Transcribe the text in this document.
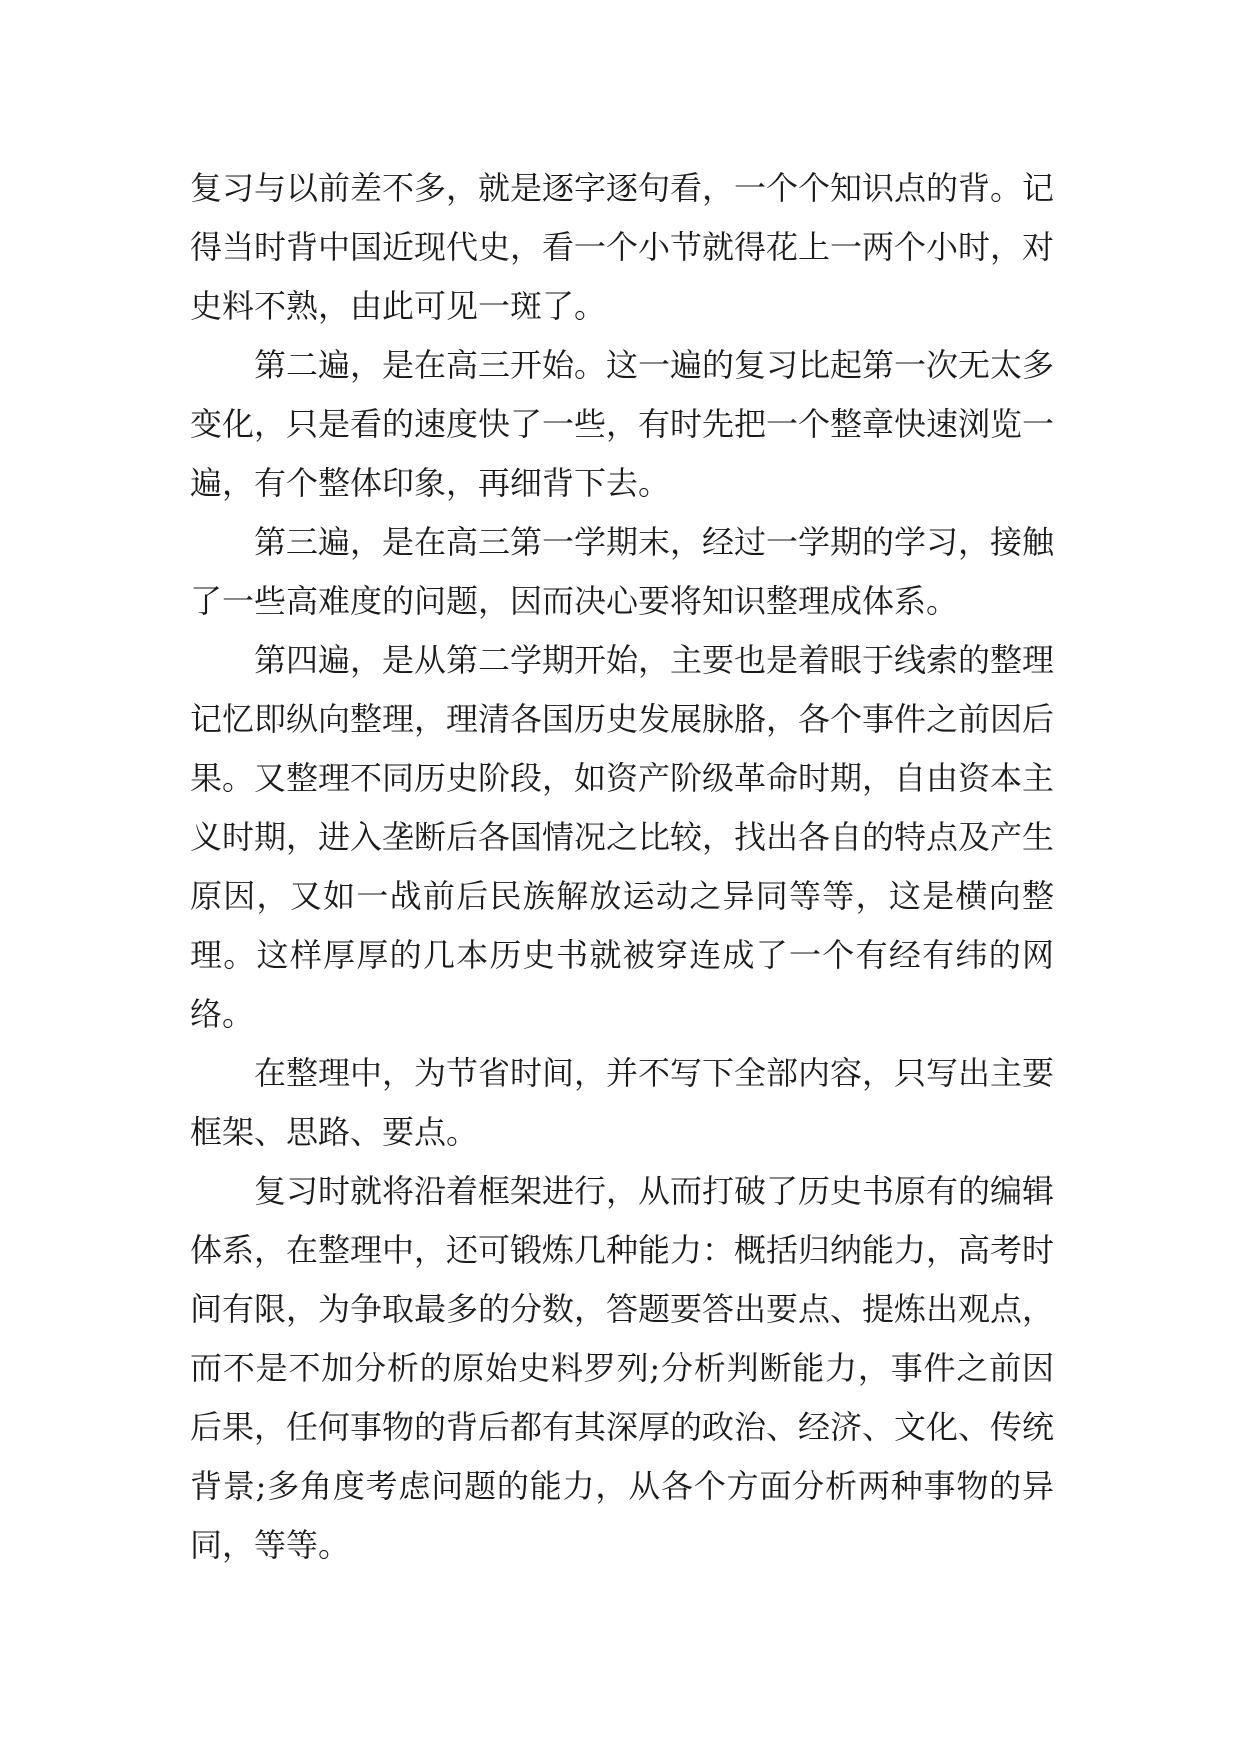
复习与以前差不多，就是逐字逐句看，一个个知识点的背。记得当时背中国近现代史，看一个小节就得花上一两个小时，对史料不熟，由此可见一斑了。

第二遍，是在高三开始。这一遍的复习比起第一次无太多变化，只是看的速度快了一些，有时先把一个整章快速浏览一遍，有个整体印象，再细背下去。

第三遍，是在高三第一学期末，经过一学期的学习，接触了一些高难度的问题，因而决心要将知识整理成体系。

第四遍，是从第二学期开始，主要也是着眼于线索的整理记忆即纵向整理，理清各国历史发展脉胳，各个事件之前因后果。又整理不同历史阶段，如资产阶级革命时期，自由资本主义时期，进入垄断后各国情况之比较，找出各自的特点及产生原因，又如一战前后民族解放运动之异同等等，这是横向整理。这样厚厚的几本历史书就被穿连成了一个有经有纬的网络。

在整理中，为节省时间，并不写下全部内容，只写出主要框架、思路、要点。

复习时就将沿着框架进行，从而打破了历史书原有的编辑体系，在整理中，还可锻炼几种能力：概括归纳能力，高考时间有限，为争取最多的分数，答题要答出要点、提炼出观点，而不是不加分析的原始史料罗列;分析判断能力，事件之前因后果，任何事物的背后都有其深厚的政治、经济、文化、传统背景;多角度考虑问题的能力，从各个方面分析两种事物的异同，等等。
